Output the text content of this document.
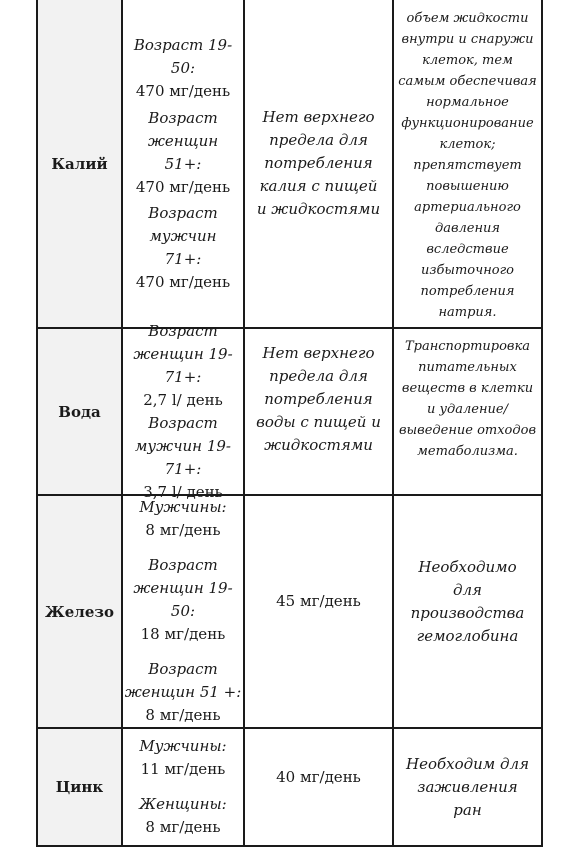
Калий

Возраст 19-50:

470 мг/день

Возраст женщин 51+:

470 мг/день

Возраст мужчин 71+:

470 мг/день

Нет верхнего предела для потребления калия с пищей и жидкостями

объем жидкости внутри и снаружи клеток, тем самым обеспечивая нормальное функционирование клеток; препятствует повышению артериального давления вследствие избыточного потребления натрия.

Вода

Возраст женщин 19-71+:

2,7 l/ день

Возраст мужчин 19-71+:

3,7 l/ день

Нет верхнего предела для потребления воды с пищей и жидкостями

Транспортировка питательных веществ в клетки и удаление/ выведение отходов метаболизма.

Железо

Мужчины:

8 мг/день

Возраст женщин 19-50:

18 мг/день

Возраст женщин 51 +:

8 мг/день

45 мг/день

Необходимо для производства гемоглобина

Цинк

Мужчины:

11 мг/день

Женщины:

8 мг/день

40 мг/день

Необходим для заживления ран
